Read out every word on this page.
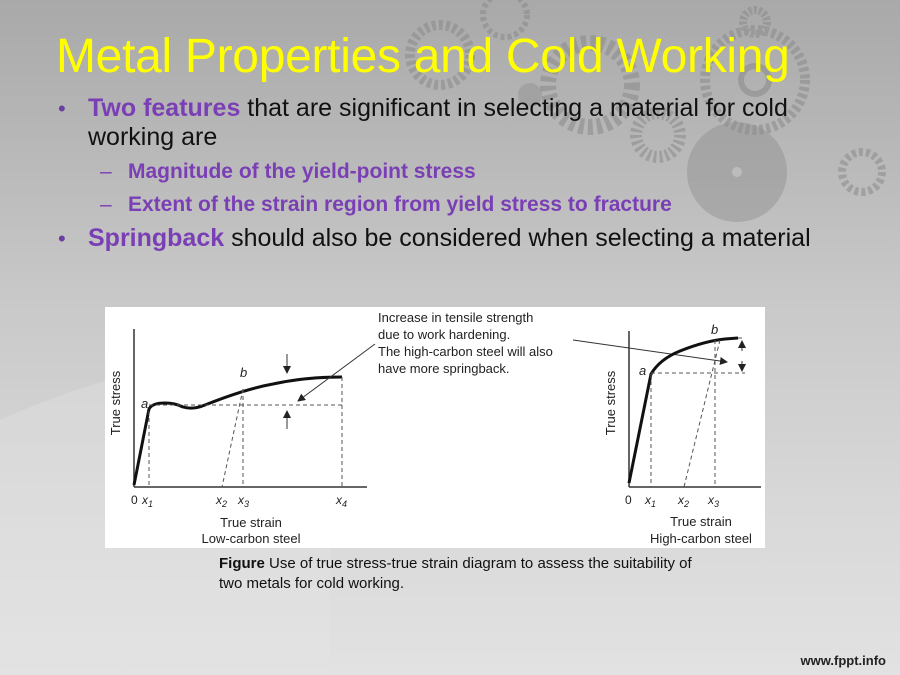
Metal Properties and Cold Working
• Two features that are significant in selecting a material for cold working are
– Magnitude of the yield-point stress
– Extent of the strain region from yield stress to fracture
• Springback should also be considered when selecting a material
a
b
0 $x_1$	$x_2$ $x_3$	$x_4$
True strain
Low-carbon steel
True stress
Increase in tensile strength
due to work hardening.
The high-carbon steel will also
have more springback.	a
b
0 $x_1$ $x_2$ $x_3$
True strain
High-carbon steel
True stress
Figure Use of true stress-true strain diagram to assess the suitability of two metals for cold working.
www.fppt.info
